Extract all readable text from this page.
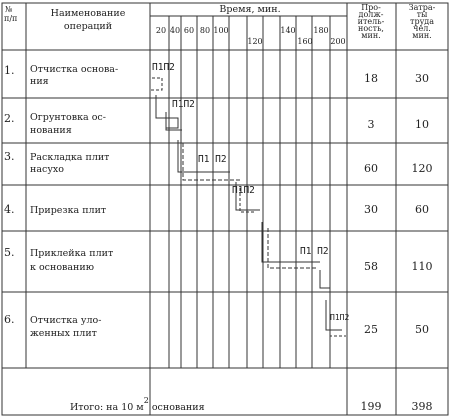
№
п/п	Наименование
операций
Время, мин.
20 40 60 80 100	140 180
120	160 200
Про-
долж-
итель-
ность,
мин.
Затра-
ты
труда
чел.
мин.
1. Отчистка основа-
ния
П1П2
18	30
2. Огрунтовка ос-
нования
П1П2
3	10
3. Раскладка плит
насухо
П1 П2
60	120
4. Прирезка плит
П1П2
30	60
5. Приклейка плит
к основанию
П1 П2
58	110
6. Отчистка уло-
женных плит
П1П2
25	50
Итого: на 10 $м^2$ основания	199	398
